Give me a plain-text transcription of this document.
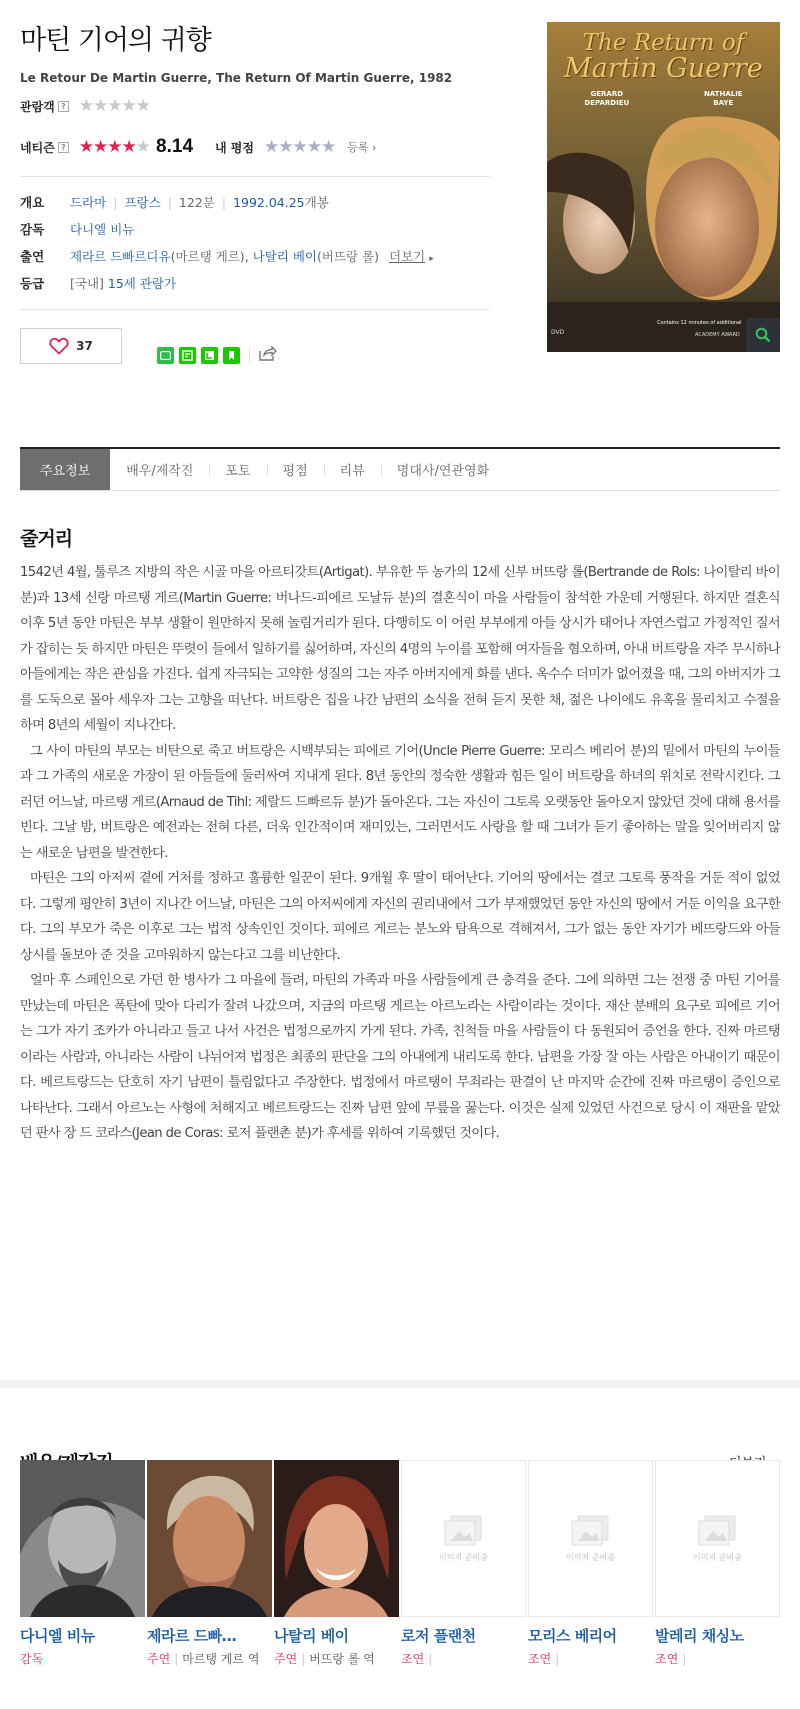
마틴 기어의 귀향
Le Retour De Martin Guerre, The Return Of Martin Guerre, 1982
관람객 ? ★★★★★
네티즌 ? ★★★★★ 8.14 내 평점 ★★★★★ 등록 ›
개요	드라마 | 프랑스 | 122분 | 1992.04.25개봉
감독	다니엘 비뉴
출연	제라르 드빠르디유(마르탱 게르), 나탈리 베이(버뜨랑 롤) 더보기 ▸
등급	[국내] 15세 관람가
37
Contains 12 minutes of additional
ACADEMY AWARD
DVD
The Return of
Martin Guerre
GERARD
DEPARDIEU
NATHALIE
BAYE
주요정보	배우/제작진	포토	평점	리뷰	명대사/연관영화
줄거리

1542년 4월, 툴루즈 지방의 작은 시골 마을 아르티갓트(Artigat). 부유한 두 농가의 12세 신부 버뜨랑 롤(Bertrande de Rols: 나이탈리 바이 분)과 13세 신랑 마르탱 게르(Martin Guerre: 버나드-피에르 도날듀 분)의 결혼식이 마을 사람들이 참석한 가운데 거행된다. 하지만 결혼식 이후 5년 동안 마틴은 부부 생활이 원만하지 못해 놀림거리가 된다. 다행히도 이 어린 부부에게 아들 상시가 태어나 자연스럽고 가정적인 질서가 잡히는 듯 하지만 마틴은 뚜렷이 들에서 일하기를 싫어하며, 자신의 4명의 누이를 포함해 여자들을 혐오하며, 아내 버트랑을 자주 무시하나 아들에게는 작은 관심을 가진다. 쉽게 자극되는 고약한 성질의 그는 자주 아버지에게 화를 낸다. 옥수수 더미가 없어졌을 때, 그의 아버지가 그를 도둑으로 몰아 세우자 그는 고향을 떠난다. 버트랑은 집을 나간 남편의 소식을 전혀 듣지 못한 채, 젊은 나이에도 유혹을 물리치고 수절을 하며 8년의 세월이 지나간다.

그 사이 마틴의 부모는 비탄으로 죽고 버트랑은 시백부되는 피에르 기어(Uncle Pierre Guerre: 모리스 베리어 분)의 밑에서 마틴의 누이들과 그 가족의 새로운 가장이 된 아들들에 둘러싸여 지내게 된다. 8년 동안의 정숙한 생활과 힘든 일이 버트랑을 하녀의 위치로 전락시킨다. 그러던 어느날, 마르탱 게르(Arnaud de Tihl: 제랄드 드빠르듀 분)가 돌아온다. 그는 자신이 그토록 오랫동안 돌아오지 않았던 것에 대해 용서를 빈다. 그날 밤, 버트랑은 예전과는 전혀 다른, 더욱 인간적이며 재미있는, 그러면서도 사랑을 할 때 그녀가 듣기 좋아하는 말을 잊어버리지 않는 새로운 남편을 발견한다.

마틴은 그의 아저씨 곁에 거처를 정하고 훌륭한 일꾼이 된다. 9개월 후 딸이 태어난다. 기어의 땅에서는 결코 그토록 풍작을 거둔 적이 없었다. 그렇게 평안히 3년이 지나간 어느날, 마틴은 그의 아저씨에게 자신의 권리내에서 그가 부재했었던 동안 자신의 땅에서 거둔 이익을 요구한다. 그의 부모가 죽은 이후로 그는 법적 상속인인 것이다. 피에르 게르는 분노와 탐욕으로 격해져서, 그가 없는 동안 자기가 베뜨랑드와 아들 상시를 돌보아 준 것을 고마워하지 않는다고 그를 비난한다.

얼마 후 스페인으로 가던 한 병사가 그 마을에 들려, 마틴의 가족과 마을 사람들에게 큰 충격을 준다. 그에 의하면 그는 전쟁 중 마틴 기어를 만났는데 마틴은 폭탄에 맞아 다리가 잘려 나갔으며, 지금의 마르탱 게르는 아르노라는 사람이라는 것이다. 재산 분배의 요구로 피에르 기어는 그가 자기 조카가 아니라고 들고 나서 사건은 법정으로까지 가게 된다. 가족, 친척들 마을 사람들이 다 동원되어 증언을 한다. 진짜 마르탱이라는 사람과, 아니라는 사람이 나뉘어져 법정은 최종의 판단을 그의 아내에게 내리도록 한다. 남편을 가장 잘 아는 사람은 아내이기 때문이다. 베르트랑드는 단호히 자기 남편이 틀림없다고 주장한다. 법정에서 마르탱이 무죄라는 판결이 난 마지막 순간에 진짜 마르탱이 증인으로 나타난다. 그래서 아르노는 사형에 처해지고 베르트랑드는 진짜 남편 앞에 무릎을 꿇는다. 이것은 실제 있었던 사건으로 당시 이 재판을 맡았던 판사 장 드 코라스(Jean de Coras: 로저 플랜촌 분)가 후세를 위하여 기록했던 것이다.

다니엘 비뉴
감독
제라르 드빠…
주연 | 마르탱 게르 역
나탈리 베이
주연 | 버뜨랑 롤 역
이미지 준비중
로저 플랜천
조연 |
이미지 준비중
모리스 베리어
조연 |
이미지 준비중
발레리 채싱노
조연 |
